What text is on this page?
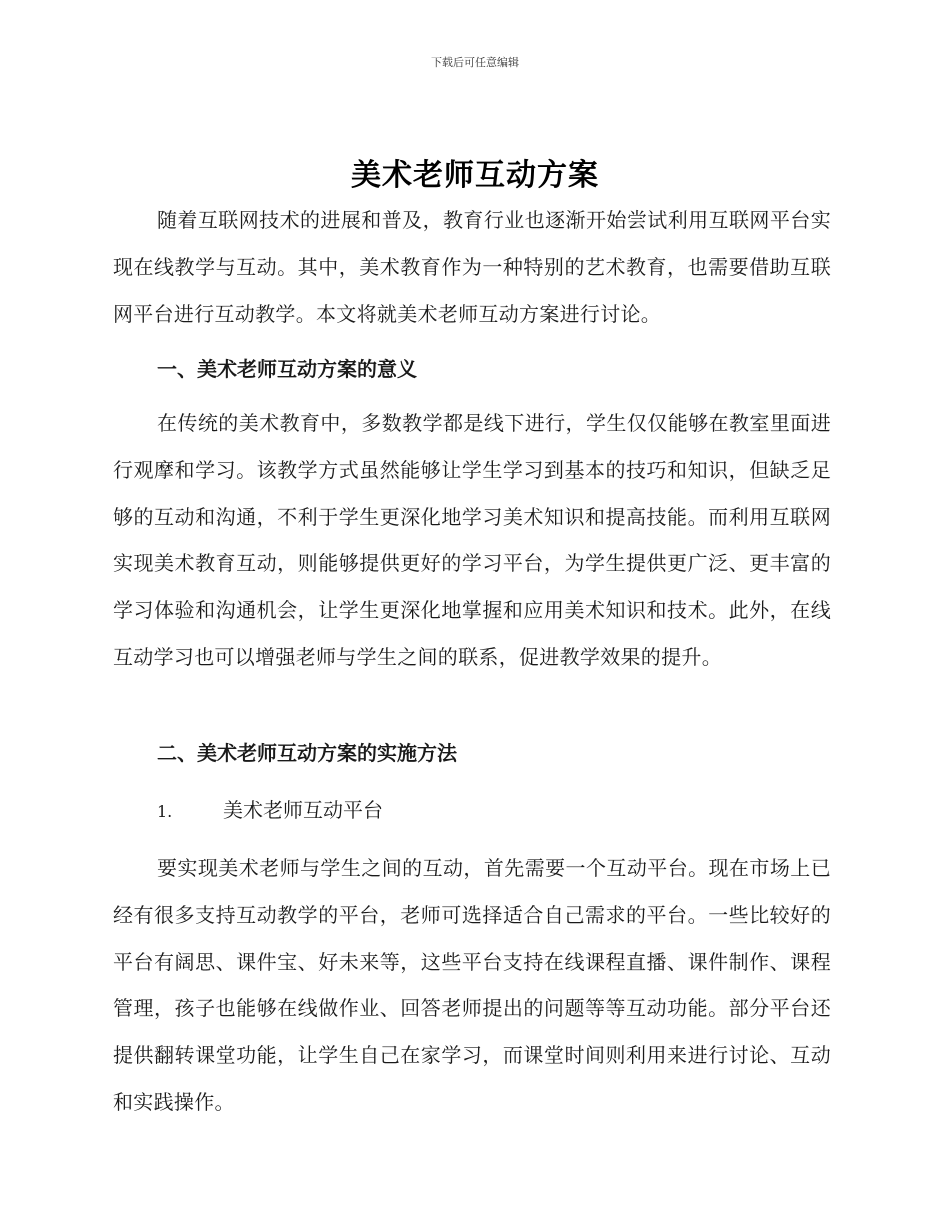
下载后可任意编辑
美术老师互动方案

随着互联网技术的进展和普及，教育行业也逐渐开始尝试利用互联网平台实现在线教学与互动。其中，美术教育作为一种特别的艺术教育，也需要借助互联网平台进行互动教学。本文将就美术老师互动方案进行讨论。

一、美术老师互动方案的意义

在传统的美术教育中，多数教学都是线下进行，学生仅仅能够在教室里面进行观摩和学习。该教学方式虽然能够让学生学习到基本的技巧和知识，但缺乏足够的互动和沟通，不利于学生更深化地学习美术知识和提高技能。而利用互联网实现美术教育互动，则能够提供更好的学习平台，为学生提供更广泛、更丰富的学习体验和沟通机会，让学生更深化地掌握和应用美术知识和技术。此外，在线互动学习也可以增强老师与学生之间的联系，促进教学效果的提升。

二、美术老师互动方案的实施方法

1.	美术老师互动平台

要实现美术老师与学生之间的互动，首先需要一个互动平台。现在市场上已经有很多支持互动教学的平台，老师可选择适合自己需求的平台。一些比较好的平台有阔思、课件宝、好未来等，这些平台支持在线课程直播、课件制作、课程管理，孩子也能够在线做作业、回答老师提出的问题等等互动功能。部分平台还提供翻转课堂功能，让学生自己在家学习，而课堂时间则利用来进行讨论、互动和实践操作。
